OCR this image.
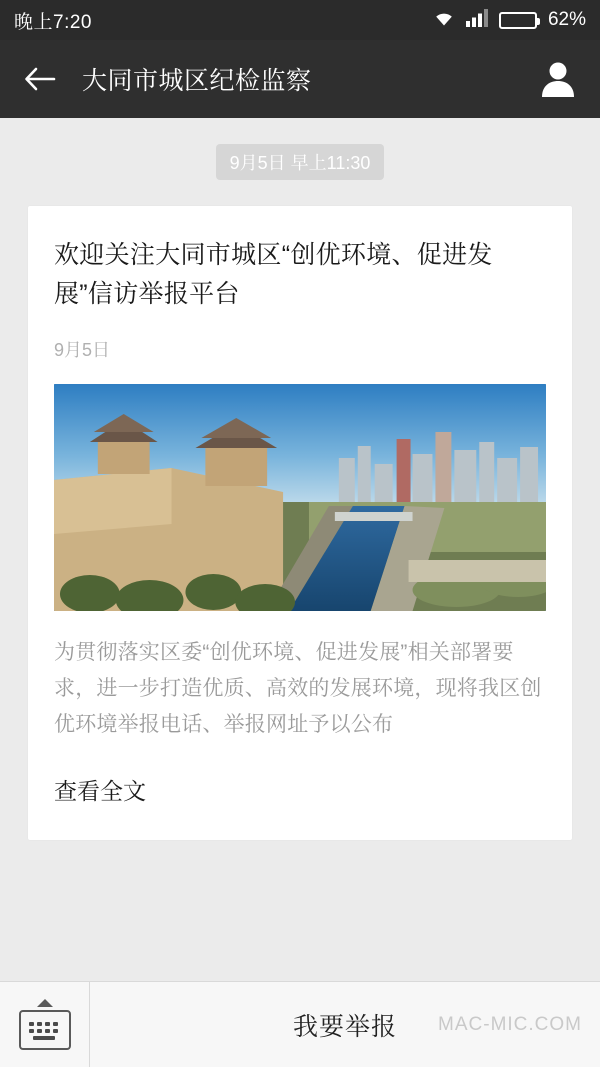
晚上7:20	62%
大同市城区纪检监察
9月5日 早上11:30
欢迎关注大同市城区“创优环境、促进发展”信访举报平台
9月5日
为贯彻落实区委“创优环境、促进发展”相关部署要求，进一步打造优质、高效的发展环境，现将我区创优环境举报电话、举报网址予以公布
查看全文
我要举报	MAC-MIC.COM
